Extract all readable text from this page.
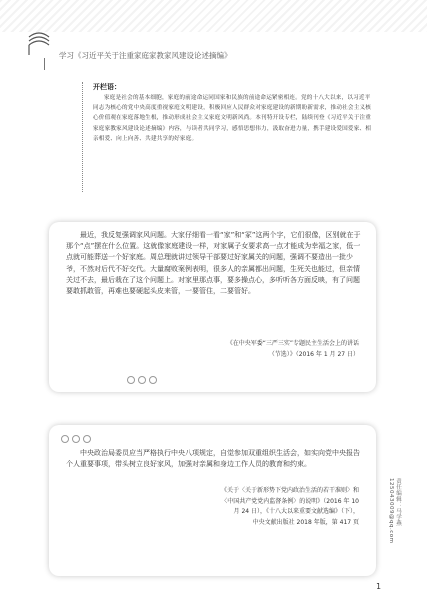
学习《习近平关于注重家庭家教家风建设论述摘编》
开栏语：
家庭是社会的基本细胞，家庭的前途命运同国家和民族的前途命运紧密相连。党的十八大以来，以习近平同志为核心的党中央高度重视家庭文明建设，积极回应人民群众对家庭建设的新期盼新需求，推动社会主义核心价值观在家庭落地生根，推动形成社会主义家庭文明新风尚。本刊特开设专栏，陆续刊登《习近平关于注重家庭家教家风建设论述摘编》内容，与读者共同学习，感悟思想伟力，汲取奋进力量，携手建设爱国爱家、相亲相爱、向上向善、共建共享的好家庭。
最近，我反复强调家风问题。大家仔细看一看“家”和“冢”这两个字，它们很像，区别就在于那个“点”摆在什么位置。这就像家庭建设一样，对家属子女要求高一点才能成为幸福之家，低一点就可能葬送一个好家庭。周总理就讲过领导干部要过好家属关的问题，强调不要造出一批少爷，不然对后代不好交代。大量腐败案例表明，很多人的亲属都出问题，生死关也能过，但亲情关过不去，最后栽在了这个问题上。对家里那点事，要多操点心，多听听各方面反映，有了问题要敢抓敢管，再难也要硬起头皮来管，一要管住，二要管好。
《在中央军委“三严三实”专题民主生活会上的讲话
（节选）》（2016 年 1 月 27 日）
中央政治局委员应当严格执行中央八项规定，自觉参加双重组织生活会，如实向党中央报告个人重要事项，带头树立良好家风，加强对亲属和身边工作人员的教育和约束。
《关于〈关于新形势下党内政治生活的若干准则〉和
〈中国共产党党内监督条例〉的说明》（2016 年 10
月 24 日），《十八大以来重要文献选编》（下），
中央文献出版社 2018 年版，第 417 页	责任编辑：马学燕 125043009@qq.com
1
